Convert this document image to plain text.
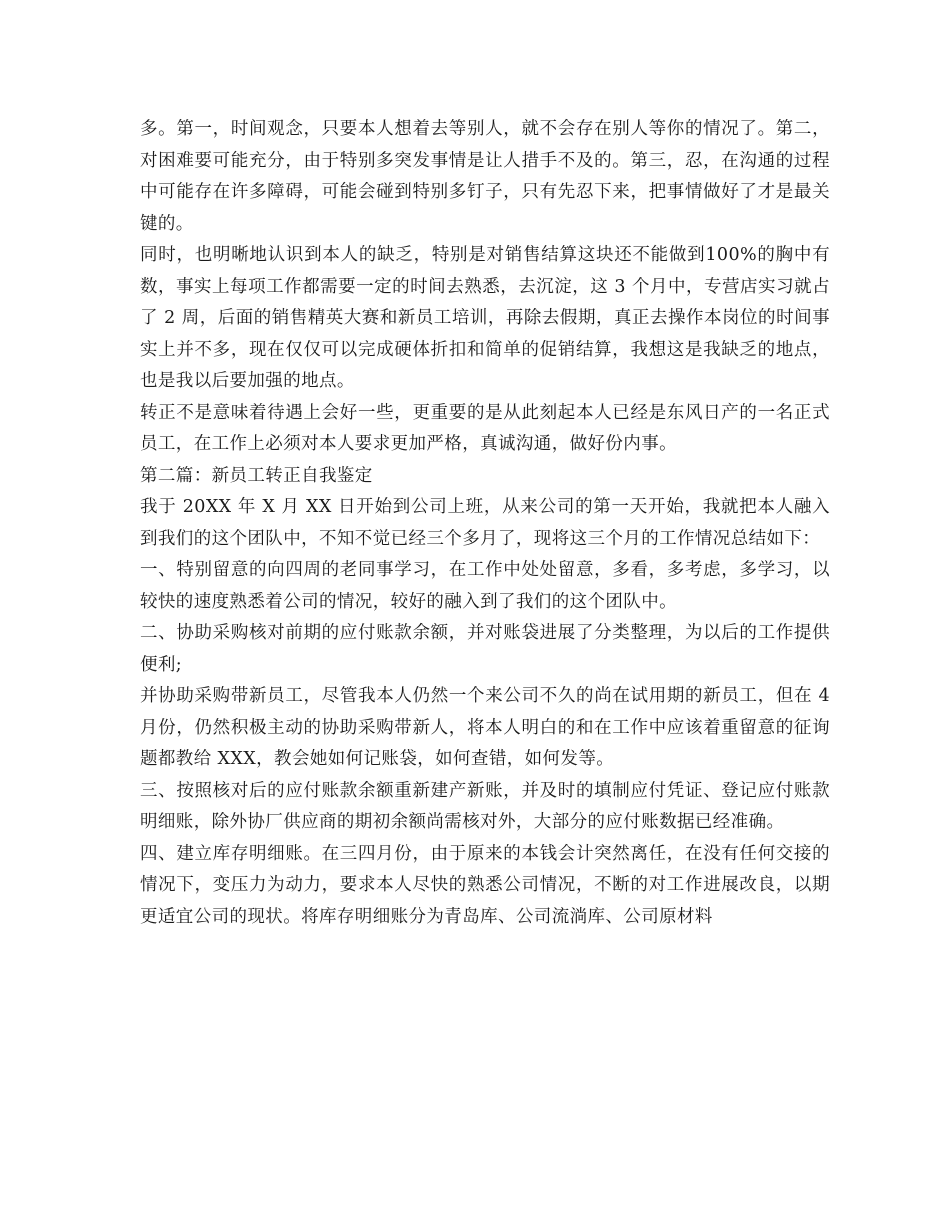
多。第一，时间观念，只要本人想着去等别人，就不会存在别人等你的情况了。第二，对困难要可能充分，由于特别多突发事情是让人措手不及的。第三，忍，在沟通的过程中可能存在许多障碍，可能会碰到特别多钉子，只有先忍下来，把事情做好了才是最关键的。

同时，也明晰地认识到本人的缺乏，特别是对销售结算这块还不能做到100%的胸中有数，事实上每项工作都需要一定的时间去熟悉，去沉淀，这 3 个月中，专营店实习就占了 2 周，后面的销售精英大赛和新员工培训，再除去假期，真正去操作本岗位的时间事实上并不多，现在仅仅可以完成硬体折扣和简单的促销结算，我想这是我缺乏的地点，也是我以后要加强的地点。

转正不是意味着待遇上会好一些，更重要的是从此刻起本人已经是东风日产的一名正式员工，在工作上必须对本人要求更加严格，真诚沟通，做好份内事。

第二篇：新员工转正自我鉴定

我于 20XX 年 X 月 XX 日开始到公司上班，从来公司的第一天开始，我就把本人融入到我们的这个团队中，不知不觉已经三个多月了，现将这三个月的工作情况总结如下：

一、特别留意的向四周的老同事学习，在工作中处处留意，多看，多考虑，多学习，以较快的速度熟悉着公司的情况，较好的融入到了我们的这个团队中。

二、协助采购核对前期的应付账款余额，并对账袋进展了分类整理，为以后的工作提供便利;

并协助采购带新员工，尽管我本人仍然一个来公司不久的尚在试用期的新员工，但在 4 月份，仍然积极主动的协助采购带新人，将本人明白的和在工作中应该着重留意的征询题都教给 XXX，教会她如何记账袋，如何查错，如何发等。

三、按照核对后的应付账款余额重新建产新账，并及时的填制应付凭证、登记应付账款明细账，除外协厂供应商的期初余额尚需核对外，大部分的应付账数据已经准确。

四、建立库存明细账。在三四月份，由于原来的本钱会计突然离任，在没有任何交接的情况下，变压力为动力，要求本人尽快的熟悉公司情况，不断的对工作进展改良，以期更适宜公司的现状。将库存明细账分为青岛库、公司流淌库、公司原材料
